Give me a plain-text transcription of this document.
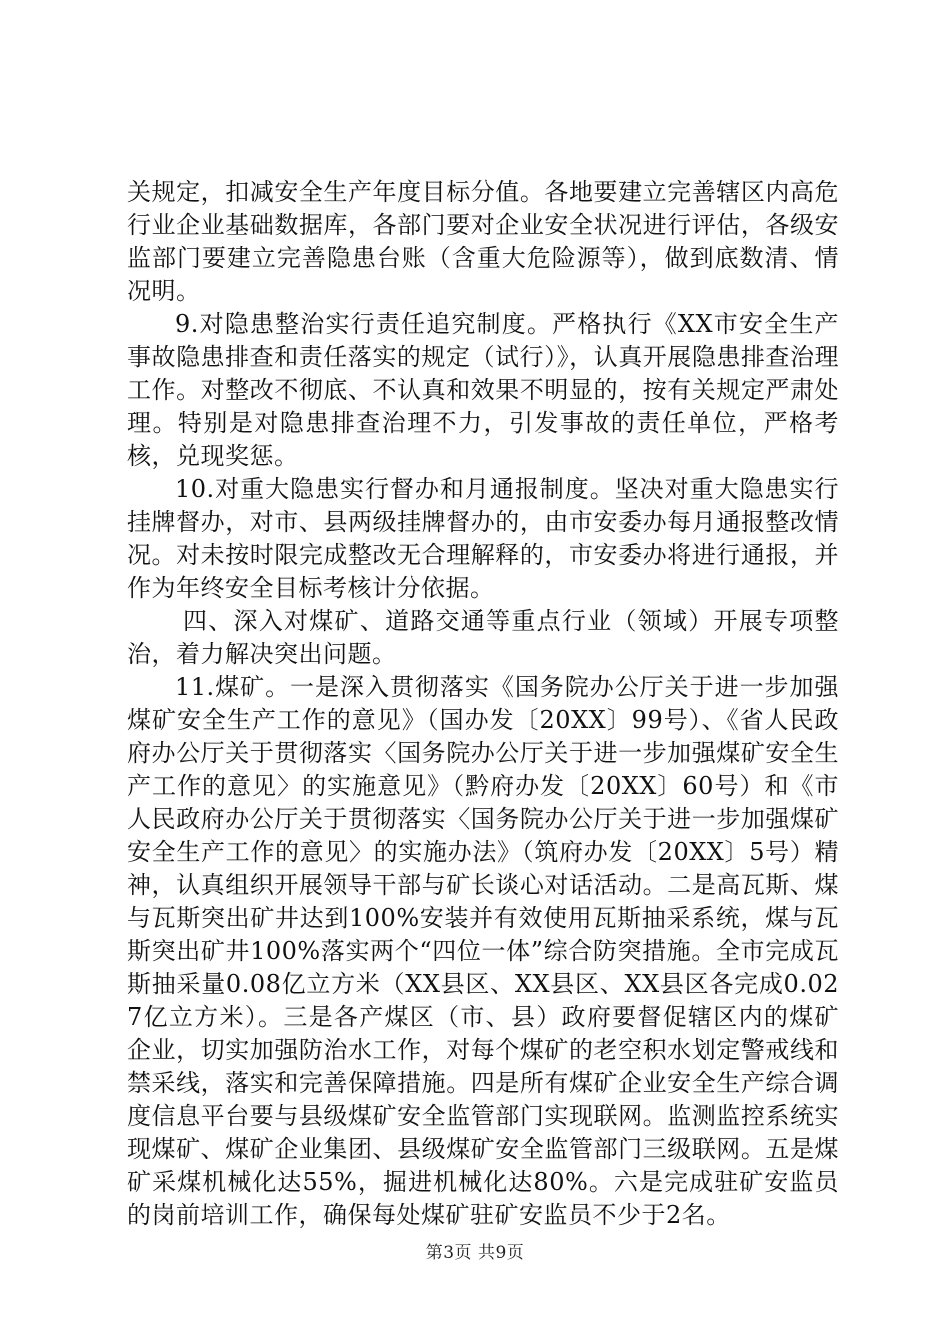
关规定，扣减安全生产年度目标分值。各地要建立完善辖区内高危行业企业基础数据库，各部门要对企业安全状况进行评估，各级安监部门要建立完善隐患台账（含重大危险源等），做到底数清、情况明。

9.对隐患整治实行责任追究制度。严格执行《XX市安全生产事故隐患排查和责任落实的规定（试行）》，认真开展隐患排查治理工作。对整改不彻底、不认真和效果不明显的，按有关规定严肃处理。特别是对隐患排查治理不力，引发事故的责任单位，严格考核，兑现奖惩。

10.对重大隐患实行督办和月通报制度。坚决对重大隐患实行挂牌督办，对市、县两级挂牌督办的，由市安委办每月通报整改情况。对未按时限完成整改无合理解释的，市安委办将进行通报，并作为年终安全目标考核计分依据。

四、深入对煤矿、道路交通等重点行业（领域）开展专项整治，着力解决突出问题。

11.煤矿。一是深入贯彻落实《国务院办公厅关于进一步加强煤矿安全生产工作的意见》（国办发〔20XX〕99号）、《省人民政府办公厅关于贯彻落实〈国务院办公厅关于进一步加强煤矿安全生产工作的意见〉的实施意见》（黔府办发〔20XX〕60号）和《市人民政府办公厅关于贯彻落实〈国务院办公厅关于进一步加强煤矿安全生产工作的意见〉的实施办法》（筑府办发〔20XX〕5号）精神，认真组织开展领导干部与矿长谈心对话活动。二是高瓦斯、煤与瓦斯突出矿井达到100%安装并有效使用瓦斯抽采系统，煤与瓦斯突出矿井100%落实两个“四位一体”综合防突措施。全市完成瓦斯抽采量0.08亿立方米（XX县区、XX县区、XX县区各完成0.027亿立方米）。三是各产煤区（市、县）政府要督促辖区内的煤矿企业，切实加强防治水工作，对每个煤矿的老空积水划定警戒线和禁采线，落实和完善保障措施。四是所有煤矿企业安全生产综合调度信息平台要与县级煤矿安全监管部门实现联网。监测监控系统实现煤矿、煤矿企业集团、县级煤矿安全监管部门三级联网。五是煤矿采煤机械化达55%，掘进机械化达80%。六是完成驻矿安监员的岗前培训工作，确保每处煤矿驻矿安监员不少于2名。

第3页 共9页
